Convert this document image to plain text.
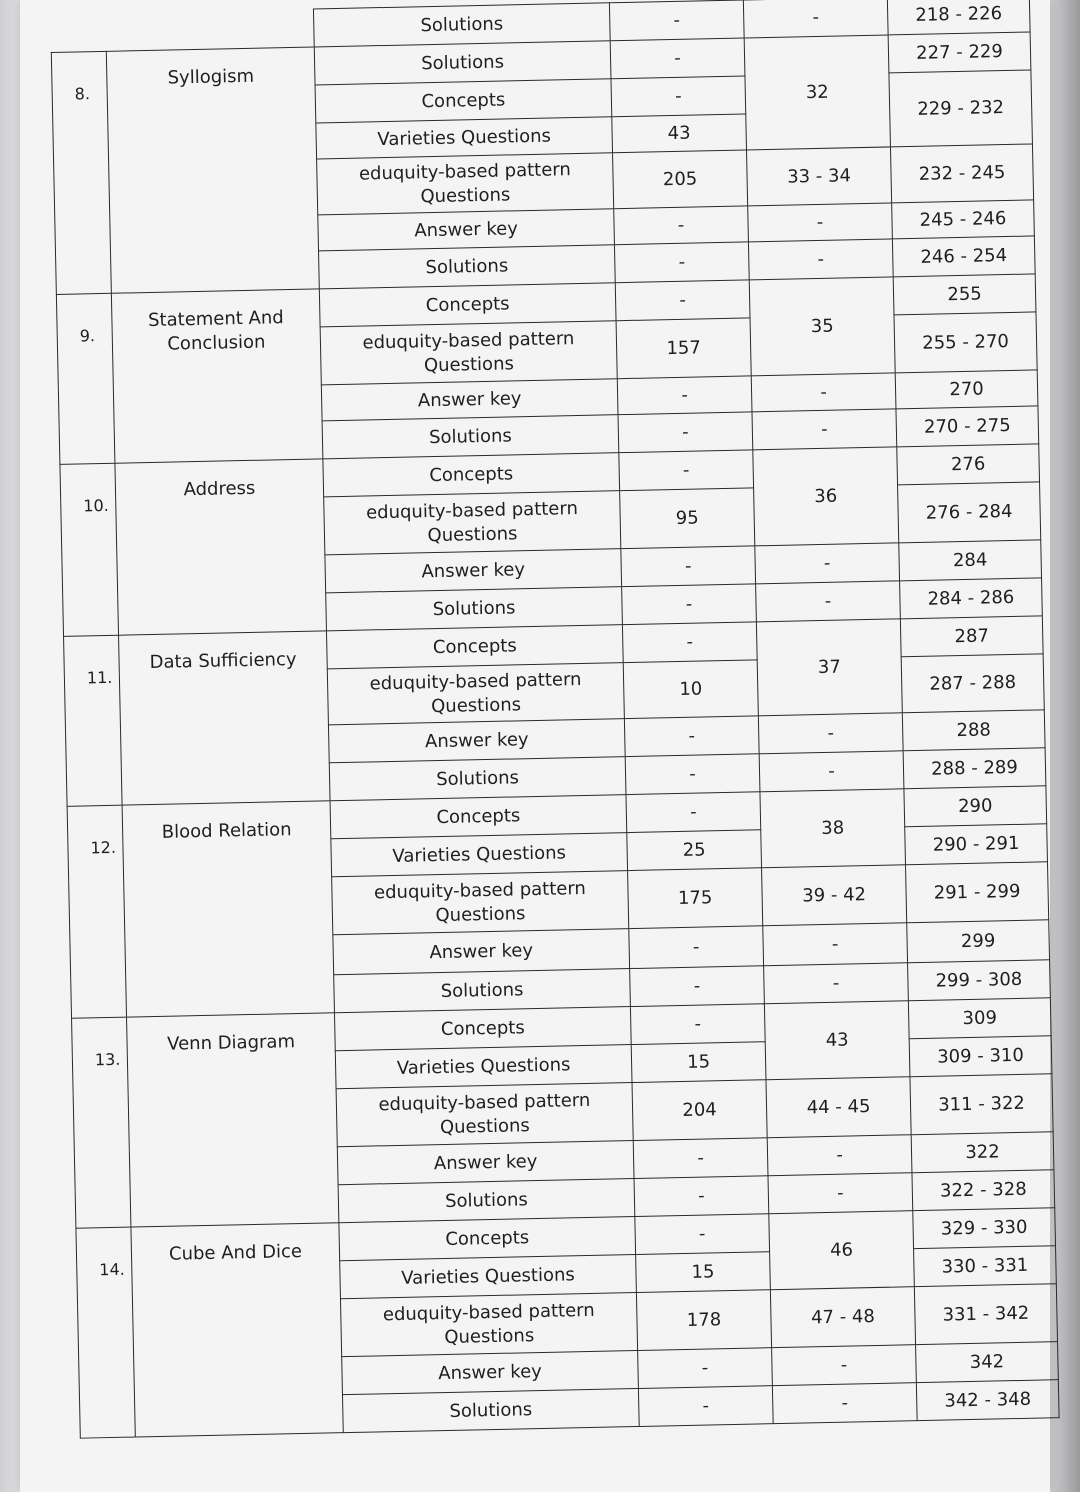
		Solutions	-	-	218 - 226
8.	Syllogism	Solutions	-	32	227 - 229
		Concepts	-		229 - 232
		Varieties Questions	43		
		eduquity-based pattern Questions	205	33 - 34	232 - 245
		Answer key	-	-	245 - 246
		Solutions	-	-	246 - 254
9.	Statement And Conclusion	Concepts	-	35	255
		eduquity-based pattern Questions	157		255 - 270
		Answer key	-	-	270
		Solutions	-	-	270 - 275
10.	Address	Concepts	-	36	276
		eduquity-based pattern Questions	95		276 - 284
		Answer key	-	-	284
		Solutions	-	-	284 - 286
11.	Data Sufficiency	Concepts	-	37	287
		eduquity-based pattern Questions	10		287 - 288
		Answer key	-	-	288
		Solutions	-	-	288 - 289
12.	Blood Relation	Concepts	-	38	290
		Varieties Questions	25		290 - 291
		eduquity-based pattern Questions	175	39 - 42	291 - 299
		Answer key	-	-	299
		Solutions	-	-	299 - 308
13.	Venn Diagram	Concepts	-	43	309
		Varieties Questions	15		309 - 310
		eduquity-based pattern Questions	204	44 - 45	311 - 322
		Answer key	-	-	322
		Solutions	-	-	322 - 328
14.	Cube And Dice	Concepts	-	46	329 - 330
		Varieties Questions	15		330 - 331
		eduquity-based pattern Questions	178	47 - 48	331 - 342
		Answer key	-	-	342
		Solutions	-	-	342 - 348
